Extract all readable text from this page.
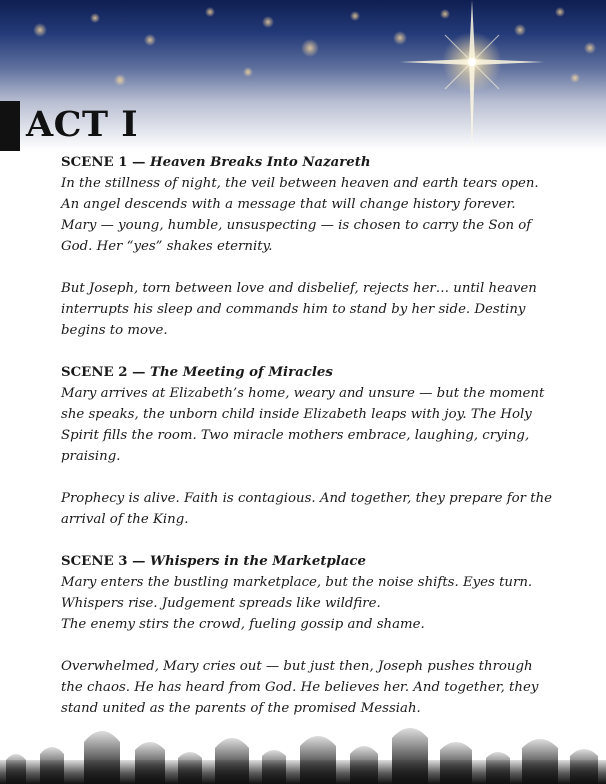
ACT I

SCENE 1 — Heaven Breaks Into Nazareth

In the stillness of night, the veil between heaven and earth tears open.
An angel descends with a message that will change history forever.
Mary — young, humble, unsuspecting — is chosen to carry the Son of
God. Her “yes” shakes eternity.

But Joseph, torn between love and disbelief, rejects her… until heaven
interrupts his sleep and commands him to stand by her side. Destiny
begins to move.

SCENE 2 — The Meeting of Miracles

Mary arrives at Elizabeth’s home, weary and unsure — but the moment
she speaks, the unborn child inside Elizabeth leaps with joy. The Holy
Spirit fills the room. Two miracle mothers embrace, laughing, crying,
praising.

Prophecy is alive. Faith is contagious. And together, they prepare for the
arrival of the King.

SCENE 3 — Whispers in the Marketplace

Mary enters the bustling marketplace, but the noise shifts. Eyes turn.
Whispers rise. Judgement spreads like wildfire.
The enemy stirs the crowd, fueling gossip and shame.

Overwhelmed, Mary cries out — but just then, Joseph pushes through
the chaos. He has heard from God. He believes her. And together, they
stand united as the parents of the promised Messiah.
